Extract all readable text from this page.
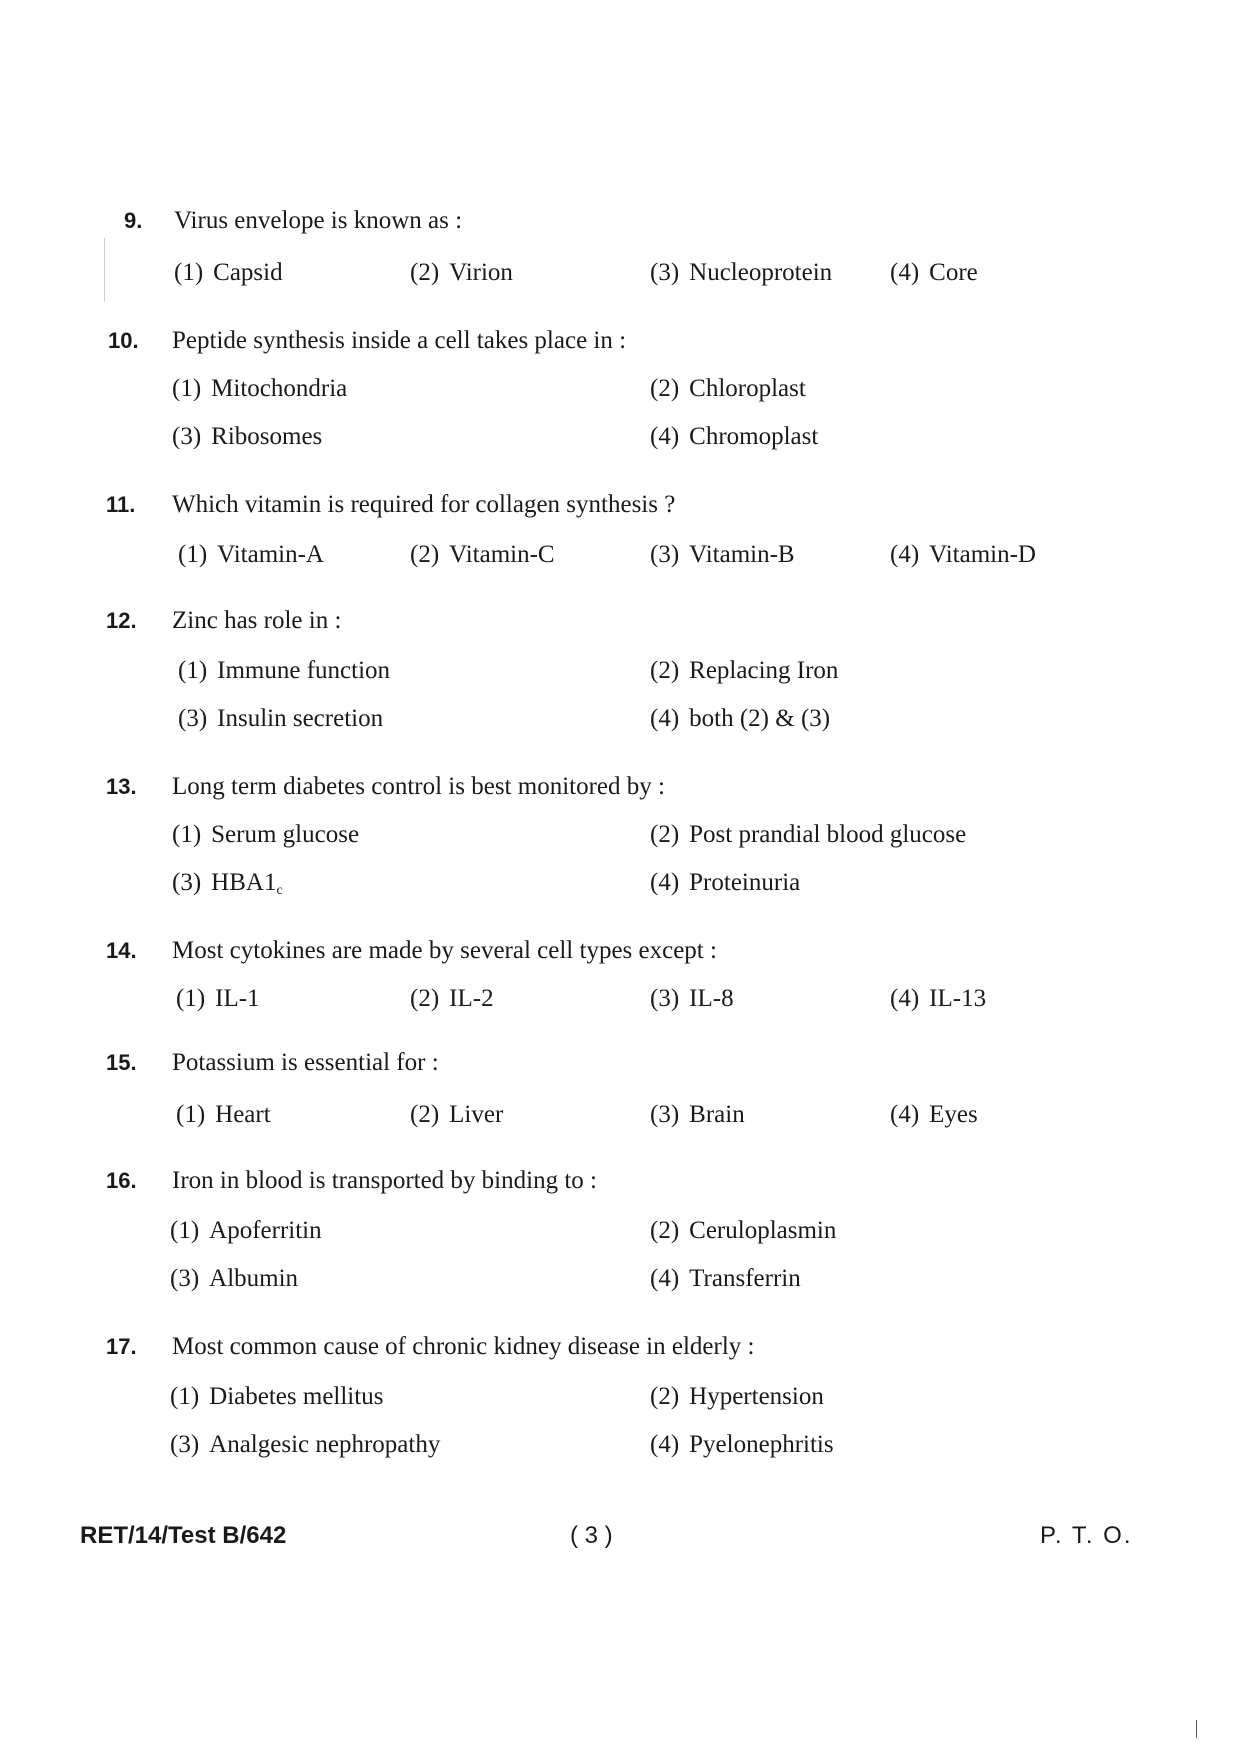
9.	Virus envelope is known as :
(1) Capsid	(2) Virion	(3) Nucleoprotein (4) Core
10.	Peptide synthesis inside a cell takes place in :
(1) Mitochondria	(2) Chloroplast
(3) Ribosomes	(4) Chromoplast
11.	Which vitamin is required for collagen synthesis ?
(1) Vitamin-A	(2) Vitamin-C	(3) Vitamin-B	(4) Vitamin-D
12.	Zinc has role in :
(1) Immune function	(2) Replacing Iron
(3) Insulin secretion	(4) both (2) & (3)
13.	Long term diabetes control is best monitored by :
(1) Serum glucose	(2) Post prandial blood glucose
(3) $HBA1_c$	(4) Proteinuria
14.	Most cytokines are made by several cell types except :
(1) IL-1	(2) IL-2	(3) IL-8	(4) IL-13
15.	Potassium is essential for :
(1) Heart	(2) Liver	(3) Brain	(4) Eyes
16.	Iron in blood is transported by binding to :
(1) Apoferritin	(2) Ceruloplasmin
(3) Albumin	(4) Transferrin
17.	Most common cause of chronic kidney disease in elderly :
(1) Diabetes mellitus	(2) Hypertension
(3) Analgesic nephropathy	(4) Pyelonephritis
RET/14/Test B/642	( 3 )	P. T. O.
